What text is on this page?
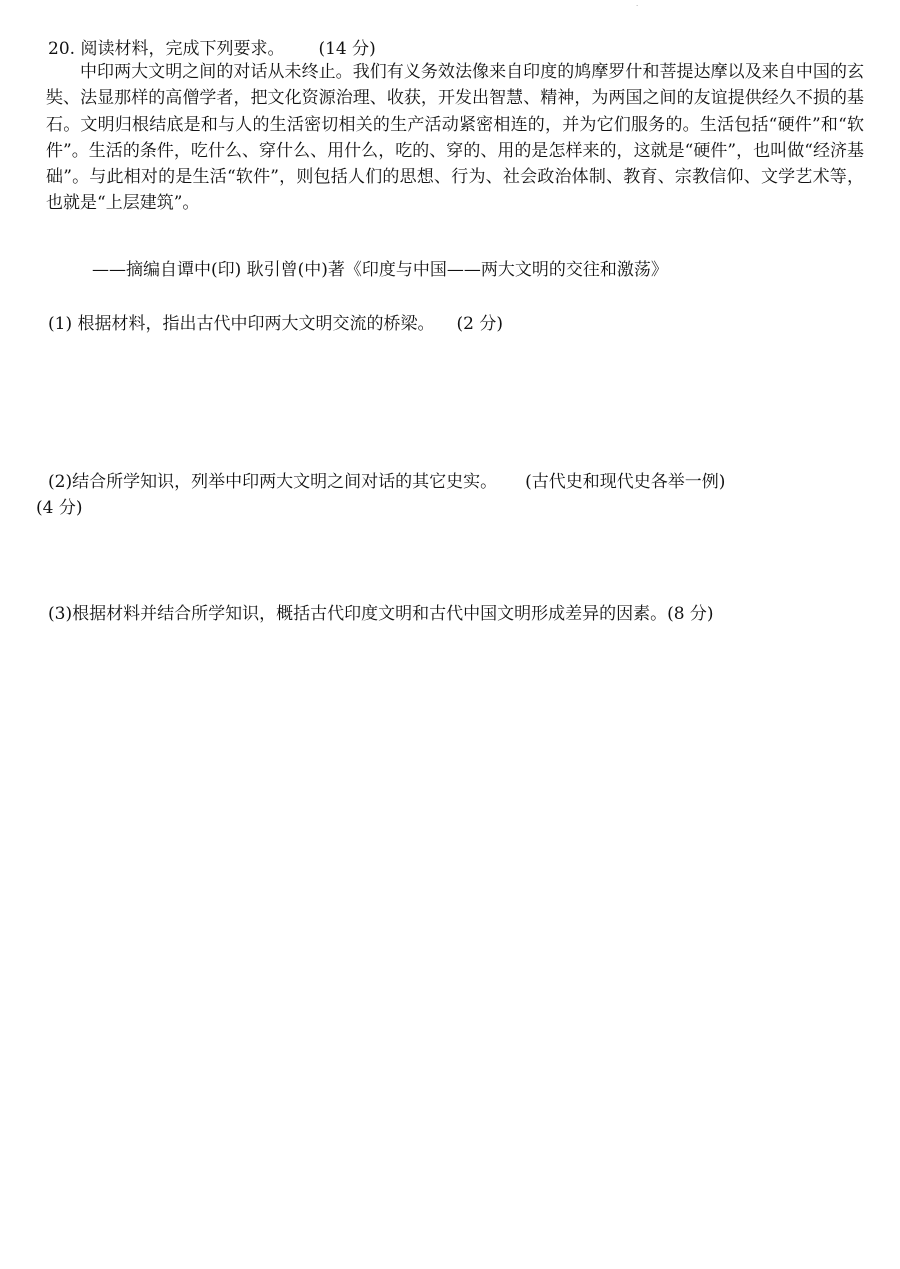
·
20. 阅读材料，完成下列要求。 (14 分)

中印两大文明之间的对话从未终止。我们有义务效法像来自印度的鸠摩罗什和菩提达摩以及来自中国的玄奘、法显那样的高僧学者，把文化资源治理、收获，开发出智慧、精神，为两国之间的友谊提供经久不损的基石。文明归根结底是和与人的生活密切相关的生产活动紧密相连的，并为它们服务的。生活包括“硬件”和“软件”。生活的条件，吃什么、穿什么、用什么，吃的、穿的、用的是怎样来的，这就是“硬件”，也叫做“经济基础”。与此相对的是生活“软件”，则包括人们的思想、行为、社会政治体制、教育、宗教信仰、文学艺术等，也就是“上层建筑”。

——摘编自谭中(印) 耿引曾(中)著《印度与中国——两大文明的交往和激荡》
(1) 根据材料，指出古代中印两大文明交流的桥梁。 (2 分)
(2)结合所学知识，列举中印两大文明之间对话的其它史实。 (古代史和现代史各举一例)
(4 分)
(3)根据材料并结合所学知识，概括古代印度文明和古代中国文明形成差异的因素。(8 分)
